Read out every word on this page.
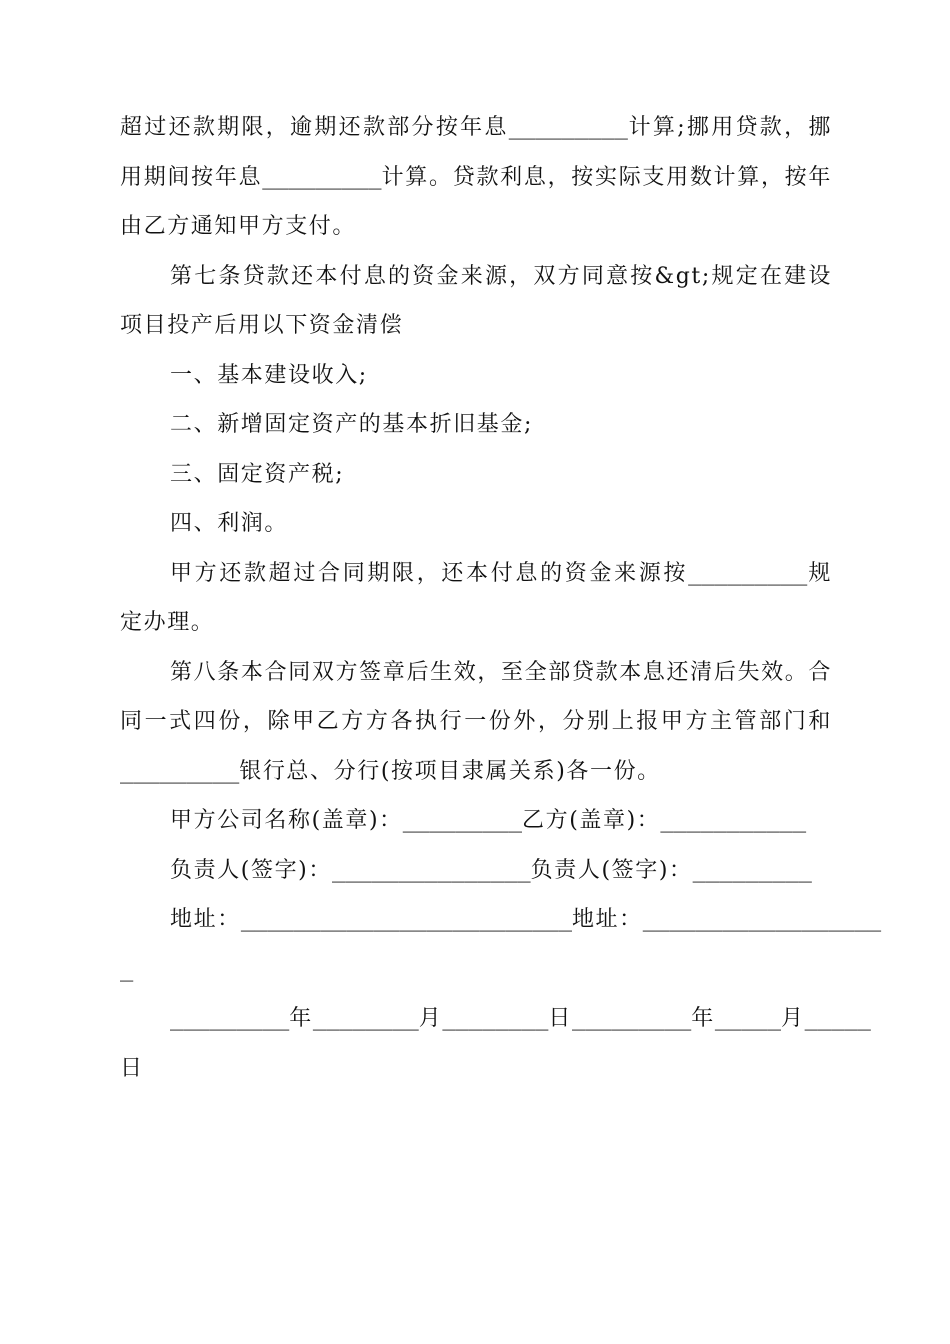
超过还款期限，逾期还款部分按年息_________计算;挪用贷款，挪用期间按年息_________计算。贷款利息，按实际支用数计算，按年由乙方通知甲方支付。

第七条贷款还本付息的资金来源，双方同意按&gt;规定在建设项目投产后用以下资金清偿

一、基本建设收入;

二、新增固定资产的基本折旧基金;

三、固定资产税;

四、利润。

甲方还款超过合同期限，还本付息的资金来源按_________规定办理。

第八条本合同双方签章后生效，至全部贷款本息还清后失效。合同一式四份，除甲乙方方各执行一份外，分别上报甲方主管部门和_________银行总、分行(按项目隶属关系)各一份。

甲方公司名称(盖章)：_________乙方(盖章)：___________

负责人(签字)：_______________负责人(签字)：_________

地址：_________________________地址：__________________

_

_________年________月________日_________年_____月_____

日
